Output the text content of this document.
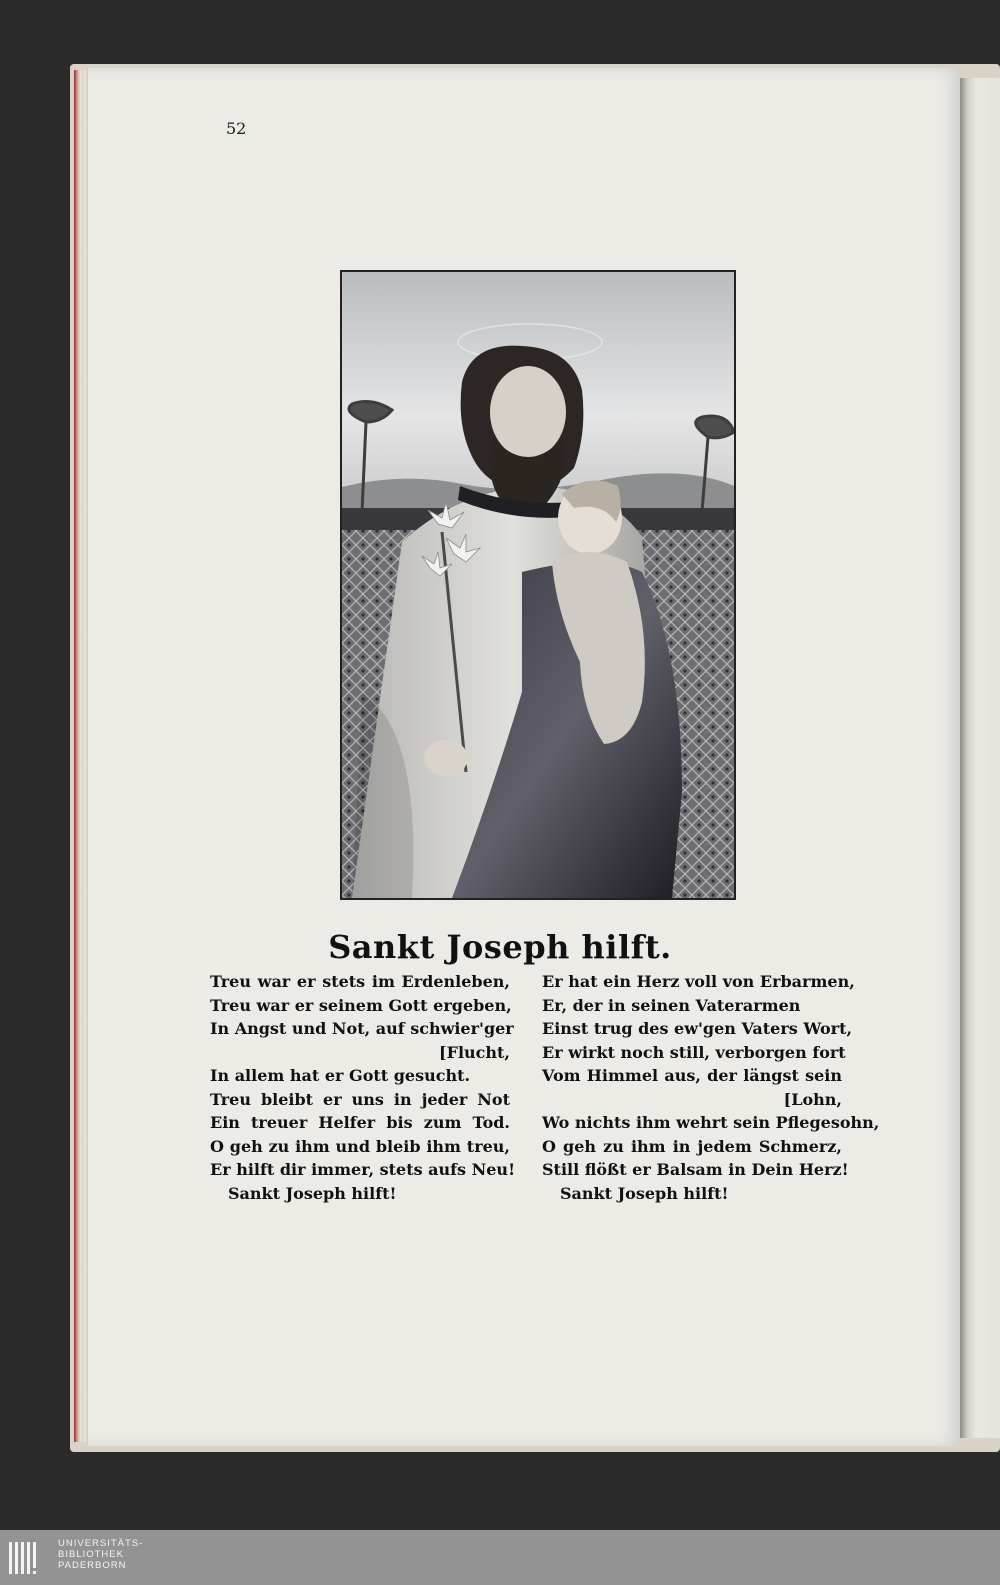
52
Sankt Joseph hilft.
Treu war er stets im Erdenleben,
Treu war er seinem Gott ergeben,
In Angst und Not, auf schwier'ger
[Flucht,
In allem hat er Gott gesucht.
Treu bleibt er uns in jeder Not
Ein treuer Helfer bis zum Tod.
O geh zu ihm und bleib ihm treu,
Er hilft dir immer, stets aufs Neu!
Sankt Joseph hilft!
Er hat ein Herz voll von Erbarmen,
Er, der in seinen Vaterarmen
Einst trug des ew'gen Vaters Wort,
Er wirkt noch still, verborgen fort
Vom Himmel aus, der längst sein
[Lohn,
Wo nichts ihm wehrt sein Pflegesohn,
O geh zu ihm in jedem Schmerz,
Still flößt er Balsam in Dein Herz!
Sankt Joseph hilft!
UNIVERSITÄTS-
BIBLIOTHEK
PADERBORN
